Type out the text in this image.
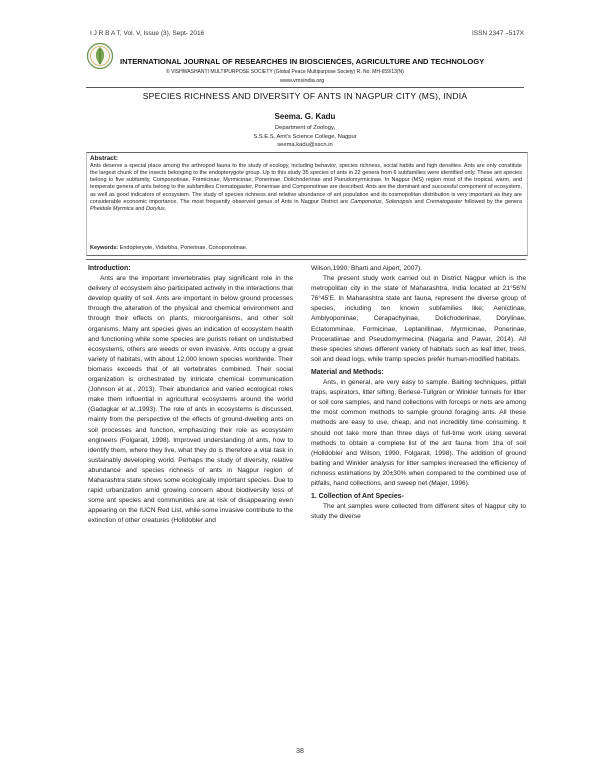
I J R B A T, Vol. V, Issue (3), Sept- 2016	ISSN 2347 –517X
INTERNATIONAL JOURNAL OF RESEARCHES IN BIOSCIENCES, AGRICULTURE AND TECHNOLOGY
© VISHWASHANTI MULTIPURPOSE SOCIETY (Global Peace Multipurpose Society) R. No. MH-659/13(N)
www.vmsindia.org
SPECIES RICHNESS AND DIVERSITY OF ANTS IN NAGPUR CITY (MS), INDIA
Seema. G. Kadu
Department of Zoology,
S.S.E.S. Amt’s Science College, Nagpur
seema.kadu@sscn.in
Abstract:
Ants deserve a special place among the arthropod fauna to the study of ecology, including behavior, species richness, social habits and high densities. Ants are only constitute the largest chunk of the insects belonging to the endopterygote group. Up to this study 35 species of ants in 22 genera from 6 subfamilies were identified only. These ant species belong to five subfamily, Componotinae, Formicinae, Myrmicinae, Ponerinae, Dolichoderinae and Pseudomyrmicinae. In Nagpur (MS) region most of the tropical, warm, and temperate genera of ants belong to the subfamilies Crematogaster, Ponerinae and Componotinae are described. Ants are the dominant and successful component of ecosystem, as well as good indicators of ecosystem. The study of species richness and relative abundance of ant population and its cosmopolitan distribution is very important as they are considerable economic importance. The most frequently observed genus of Ants in Nagpur District are Camponotus, Solenopsis and Crematogaster followed by the genera Pheidole Myrmica and Dorylus.
Keywords: Endopteryote, Vidarbha, Ponerinae, Conoponotinae.

Introduction:

Ants are the important invertebrates play significant role in the delivery of ecosystem also participated actively in the interactions that develop quality of soil. Ants are important in below ground processes through the alteration of the physical and chemical environment and through their effects on plants, microorganisms, and other soil organisms. Many ant species gives an indication of ecosystem health and functioning while some species are purists reliant on undisturbed ecosystems, others are weeds or even invasive. Ants occupy a great variety of habitats, with about 12,000 known species worldwide. Their biomass exceeds that of all vertebrates combined. Their social organization is orchestrated by intricate chemical communication (Johnson et al., 2013). Their abundance and varied ecological roles make them influential in agricultural ecosystems around the world (Gadagkar et al.,1993). The role of ants in ecosystems is discussed, mainly from the perspective of the effects of ground-dwelling ants on soil processes and function, emphasizing their role as ecosystem engineers (Folgarait, 1998). Improved understanding of ants, how to identify them, where they live, what they do is therefore a vital task in sustainably developing world. Perhaps the study of diversity, relative abundance and species richness of ants in Nagpur region of Maharashtra state shows some ecologically important species. Due to rapid urbanization amid growing concern about biodiversity loss of some ant species and communities are at risk of disappearing even appearing on the IUCN Red List, while some invasive contribute to the extinction of other creatures (Holldobler and

Wilson,1990; Bharti and Alpert, 2007).

The present study work carried out in District Nagpur which is the metropolitan city in the state of Maharashtra, India located at 21°56'N 76°45'E. In Maharashtra state ant fauna, represent the diverse group of species, including ten known subfamilies like; Aenictinae, Amblyoponinae, Cerapachyinae, Dolichoderinae, Dorylinae, Ectatomminae, Formicinae, Leptanillinae, Myrmicinae, Ponerinae, Proceratiinae and Pseudomyrmecina (Nagaria and Pawar, 2014). All these species shows different variety of habitats such as leaf litter, trees, soil and dead logs, while tramp species prefer human-modified habitats.

Material and Methods:

Ants, in general, are very easy to sample. Baiting techniques, pitfall traps, aspirators, litter sifting, Berlese-Tullgren or Winkler funnels for litter or soil core samples, and hand collections with forceps or nets are among the most common methods to sample ground foraging ants. All these methods are easy to use, cheap, and not incredibly time consuming. It should not take more than three days of full-time work using several methods to obtain a complete list of the ant fauna from 1ha of soil (Holldobler and Wilson, 1990, Folgarait, 1998). The addition of ground baiting and Winkler analysis for litter samples increased the efficiency of richness estimations by 20±30% when compared to the combined use of pitfalls, hand collections, and sweep net (Majer, 1996).

1. Collection of Ant Species-

The ant samples were collected from different sites of Nagpur city to study the diverse

38
